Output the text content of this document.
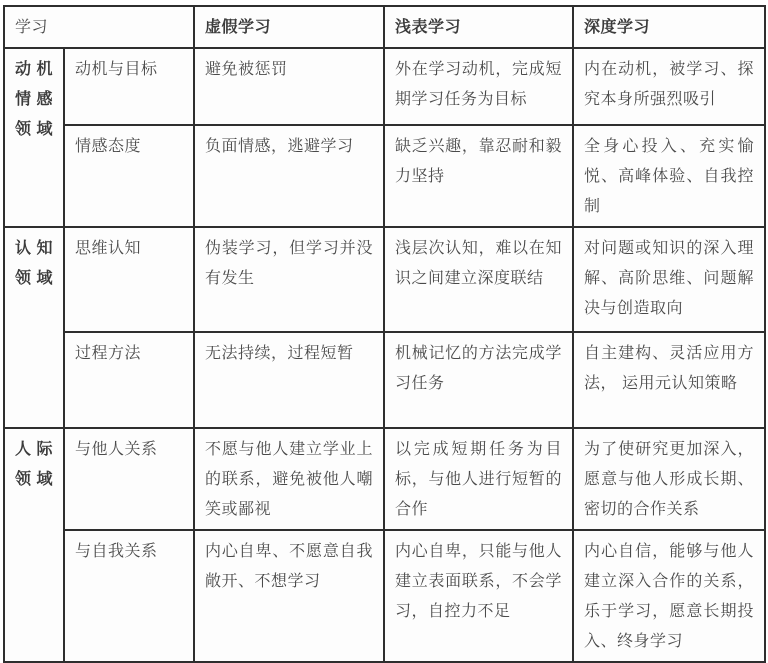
学习		虚假学习	浅表学习	深度学习

动 机
情 感
领域	动机与目标	避免被惩罚	外在学习动机，完成短期学习任务为目标	内在动机，被学习、探究本身所强烈吸引
	情感态度	负面情感，逃避学习	缺乏兴趣，靠忍耐和毅力坚持	全身心投入、充实愉悦、高峰体验、自我控制

认 知
领域	思维认知	伪装学习，但学习并没有发生	浅层次认知，难以在知识之间建立深度联结	对问题或知识的深入理解、高阶思维、问题解决与创造取向
	过程方法	无法持续，过程短暂	机械记忆的方法完成学习任务	自主建构、灵活应用方法， 运用元认知策略

人 际
领域	与他人关系	不愿与他人建立学业上的联系，避免被他人嘲笑或鄙视	以完成短期任务为目标，与他人进行短暂的合作	为了使研究更加深入，愿意与他人形成长期、密切的合作关系
	与自我关系	内心自卑、不愿意自我敞开、不想学习	内心自卑，只能与他人建立表面联系，不会学习，自控力不足	内心自信，能够与他人建立深入合作的关系，乐于学习，愿意长期投入、终身学习
